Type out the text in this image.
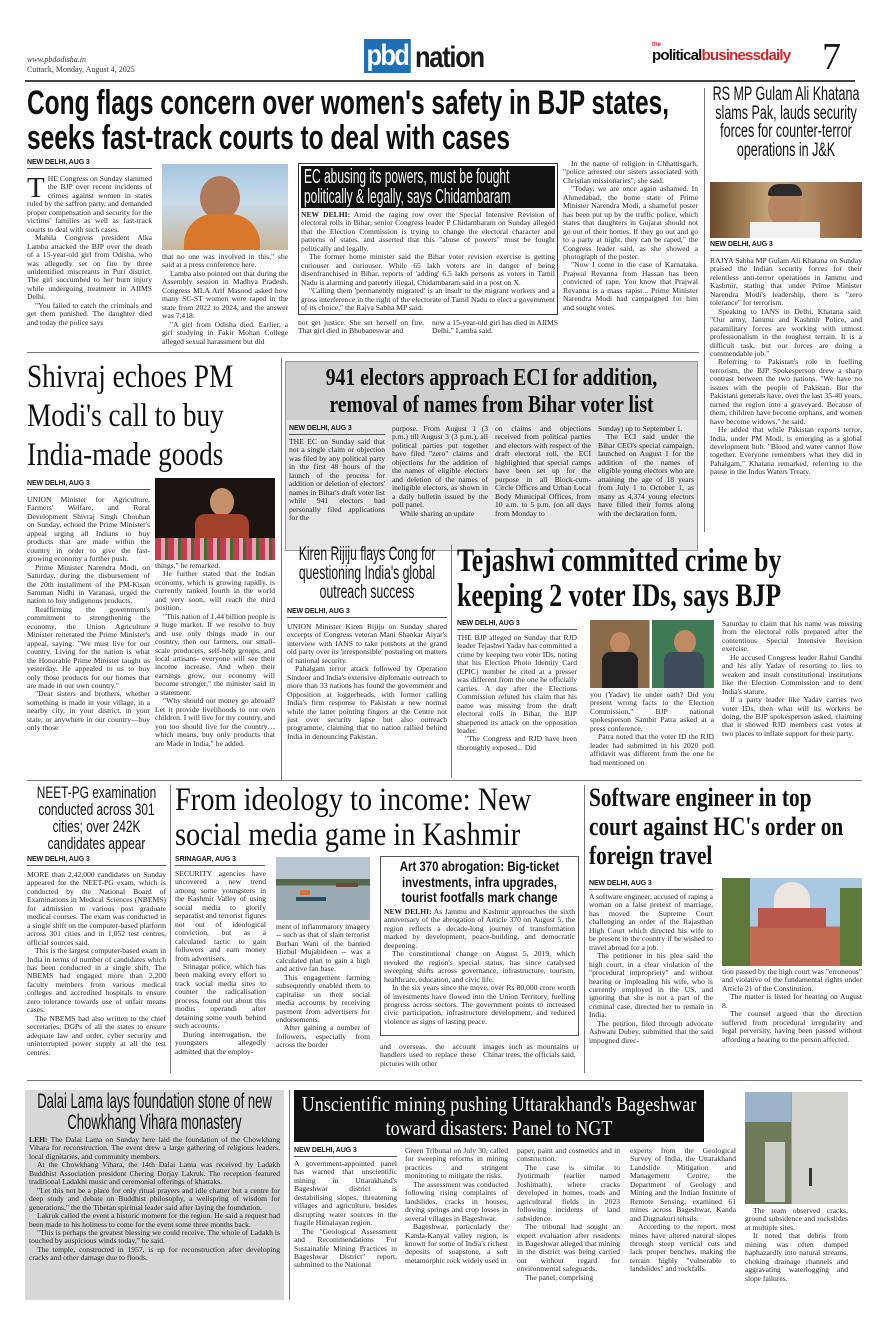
www.pbdodisha.in
Cuttack, Monday, August 4, 2025	pbd nation	the
politicalbusinessdaily 7
Cong flags concern over women's safety in BJP states, seeks fast-track courts to deal with cases
NEW DELHI, AUG 3

THE Congress on Sunday slammed the BJP over recent incidents of crimes against women in states ruled by the saffron party, and demanded proper compensation and security for the victims' families as well as fast-track courts to deal with such cases.

Mahila Congress president Alka Lamba attacked the BJP over the death of a 15-year-old girl from Odisha, who was allegedly set on fire by three unidentified miscreants in Puri district. The girl succumbed to her burn injury while undergoing treatment in AIIMS Delhi.

"You failed to catch the criminals and get them punished. The daughter died and today the police says

that no one was involved in this," she said at a press conference here.

Lamba also pointed out that during the Assembly session in Madhya Pradesh, Congress MLA Arif Masood asked how many SC-ST women were raped in the state from 2022 to 2024, and the answer was 7,418.

"A girl from Odisha died. Earlier, a girl studying in Fakir Mohan College alleged sexual harassment but did

EC abusing its powers, must be fought politically & legally, says Chidambaram

NEW DELHI: Amid the raging row over the Special Intensive Revision of electoral rolls in Bihar, senior Congress leader P Chidambaram on Sunday alleged that the Election Commission is trying to change the electoral character and patterns of states, and asserted that this "abuse of powers" must be fought politically and legally.

The former home minister said the Bihar voter revision exercise is getting curiouser and curiouser. While 65 lakh voters are in danger of being disenfranchised in Bihar, reports of 'adding' 6.5 lakh persons as voters in Tamil Nadu is alarming and patently illegal, Chidambaram said in a post on X.

"Calling them 'permanently migrated' is an insult to the migrant workers and a gross interference in the right of the electorate of Tamil Nadu to elect a government of its choice," the Rajya Sabha MP said.

not get justice. She set herself on fire. That girl died in Bhubaneswar and

now a 15-year-old girl has died in AIIMS Delhi," Lamba said.

In the name of religion in Chhattisgarh, "police arrested our sisters associated with Christian missionaries", she said.

"Today, we are once again ashamed. In Ahmedabad, the home state of Prime Minister Narendra Modi, a shameful poster has been put up by the traffic police, which states that daughters in Gujarat should not go out of their homes. If they go out and go to a party at night, they can be raped," the Congress leader said, as she showed a photograph of the poster.

"Now I come to the case of Karnataka. Prajwal Revanna from Hassan has been convicted of rape. You know that Prajwal Revanna is a mass rapist... Prime Minister Narendra Modi had campaigned for him and sought votes.

RS MP Gulam Ali Khatana slams Pak, lauds security forces for counter-terror operations in J&K
NEW DELHI, AUG 3

RAJYA Sabha MP Gulam Ali Khatana on Sunday praised the Indian security forces for their relentless anti-terror operations in Jammu and Kashmir, stating that under Prime Minister Narendra Modi's leadership, there is "zero tolerance" for terrorism.

Speaking to IANS in Delhi, Khatana said: "Our army, Jammu and Kashmir Police, and paramilitary forces are working with utmost professionalism in the toughest terrain. It is a difficult task, but our forces are doing a commendable job."

Referring to Pakistan's role in fuelling terrorism, the BJP Spokesperson drew a sharp contrast between the two nations. "We have no issues with the people of Pakistan. But the Pakistani generals have, over the last 35-40 years, turned the region into a graveyard. Because of them, children have become orphans, and women have become widows," he said.

He added that while Pakistan exports terror, India, under PM Modi, is emerging as a global development hub. "Blood and water cannot flow together. Everyone remembers what they did in Pahalgam," Khatana remarked, referring to the pause in the Indus Waters Treaty.

Shivraj echoes PM Modi's call to buy India-made goods
NEW DELHI, AUG 3

UNION Minister for Agriculture, Farmers' Welfare, and Rural Development Shivraj Singh Chouhan on Sunday, echoed the Prime Minister's appeal urging all Indians to buy products that are made within the country in order to give the fast-growing economy a further push.

Prime Minister Narendra Modi, on Saturday, during the disbursement of the 20th installment of the PM-Kisan Samman Nidhi in Varanasi, urged the nation to buy indigenous products.

Reaffirming the government's commitment to strengthening the economy, the Union Agriculture Minister reiterated the Prime Minister's appeal, saying: "We must live for our country. Living for the nation is what the Honorable Prime Minister taught us yesterday. He appealed to us to buy only those products for our homes that are made in our own country."

"Dear sisters and brothers, whether something is made in your village, in a nearby city, in your district, in your state, or anywhere in our country—buy only those

things," he remarked.

He further stated that the Indian economy, which is growing rapidly, is currently ranked fourth in the world and very soon, will reach the third position.

"This nation of 1.44 billion people is a huge market. If we resolve to buy and use only things made in our country, then our farmers, our small-scale producers, self-help groups, and local artisans- everyone will see their income increase. And when their earnings grow, our economy will become stronger," the minister said in a statement.

"Why should our money go abroad? Let it provide livelihoods to our own children. I will live for my country, and you too should live for the country…which means, buy only products that are Made in India," he added.

941 electors approach ECI for addition, removal of names from Bihar voter list
NEW DELHI, AUG 3

THE EC on Sunday said that not a single claim or objection was filed by any political party in the first 48 hours of the launch of the process for addition or deletion of electors' names in Bihar's draft voter list while 941 electors had personally filed applications for the

purpose. From August 1 (3 p.m.) till August 3 (3 p.m.), all political parties put together have filed "zero" claims and objections for the addition of the names of eligible electors and deletion of the names of ineligible electors, as shown in a daily bulletin issued by the poll panel.

While sharing an update

on claims and objections received from political parties and electors with respect of the draft electoral roll, the ECI highlighted that special camps have been set up for the purpose in all Block-cum-Circle Offices and Urban Local Body Municipal Offices, from 10 a.m. to 5 p.m. (on all days from Monday to

Sunday) up to September 1.

The ECI said under the Bihar CEO's special campaign, launched on August 1 for the addition of the names of eligible young electors who are attaining the age of 18 years from July 1 to October 1, as many as 4,374 young electors have filled their forms along with the declaration form.

Kiren Rijiju flays Cong for questioning India's global outreach success
NEW DELHI, AUG 3

UNION Minister Kiren Rijiju on Sunday shared excerpts of Congress veteran Mani Shankar Aiyar's interview with IANS to take potshots at the grand old party over its 'irresponsible' posturing on matters of national security.

Pahalgam terror attack followed by Operation Sindoor and India's extensive diplomatic outreach to more than 33 nations has found the government and Opposition at loggerheads, with former calling India's firm response to Pakistan a new normal while the latter pointing fingers at the Centre not just over security lapse but also outreach programme, claiming that no nation rallied behind India in denouncing Pakistan.

Tejashwi committed crime by keeping 2 voter IDs, says BJP
NEW DELHI, AUG 3

THE BJP alleged on Sunday that RJD leader Tejashwi Yadav has committed a crime by keeping two voter IDs, noting that his Election Photo Identity Card (EPIC) number he cited at a presser was different from the one he officially carries. A day after the Elections Commission refuted his claim that his name was missing from the draft electoral rolls in Bihar, the BJP sharpened its attack on the opposition leader.

"The Congress and RJD have been thoroughly exposed... Did

you (Yadav) lie under oath? Did you present wrong facts to the Election Commission," BJP national spokesperson Sambit Patra asked at a press conference.

Patra noted that the voter ID the RJD leader had submitted in his 2020 poll affidavit was different from the one he had mentioned on

Saturday to claim that his name was missing from the electoral rolls prepared after the contentious Special Intensive Revision exercise.

He accused Congress leader Rahul Gandhi and his ally Yadav of resorting to lies to weaken and insult constitutional institutions like the Election Commission and to dent India's stature.

If a party leader like Yadav carries two voter IDs, then what will its workers be doing, the BJP spokesperson asked, claiming that it showed RJD members cast votes at two places to inflate support for their party.

NEET-PG examination conducted across 301 cities; over 242K candidates appear
NEW DELHI, AUG 3

MORE than 2,42,000 candidates on Sunday appeared for the NEET-PG exam, which is conducted by the National Board of Examinations in Medical Sciences (NBEMS) for admission to various post graduate medical courses. The exam was conducted in a single shift on the computer-based platform across 301 cities and in 1,052 test centres, official sources said.

This is the largest computer-based exam in India in terms of number of candidates which has been conducted in a single shift. The NBEMS had engaged more than 2,200 faculty members from various medical colleges and accredited hospitals to ensure zero tolerance towards use of unfair means cases.

The NBEMS had also written to the chief secretaries, DGPs of all the states to ensure adequate law and order, cyber security and uninterrupted power supply at all the test centres.

From ideology to income: New social media game in Kashmir
SRINAGAR, AUG 3

SECURITY agencies have uncovered a new trend among some youngsters in the Kashmir Valley of using social media to glorify separatist and terrorist figures not out of ideological conviction, but as a calculated tactic to gain followers and earn money from advertisers.

Srinagar police, which has been making every effort to track social media sites to counter the radicalisation process, found out about this modus operandi after detaining some youth behind such accounts.

During interrogation, the youngsters allegedly admitted that the employ-

ment of inflammatory imagery -- such as that of slain terrorist Burhan Wani of the banned Hizbul Mujahideen -- was a calculated plan to gain a high and active fan base.

This engagement farming subsequently enabled them to capitalise on their social media accounts by receiving payment from advertisers for endorsements.

After gaining a number of followers, especially from across the border

Art 370 abrogation: Big-ticket investments, infra upgrades, tourist footfalls mark change

NEW DELHI: As Jammu and Kashmir approaches the sixth anniversary of the abrogation of Article 370 on August 5, the region reflects a decade-long journey of transformation marked by development, peace-building, and democratic deepening.

The constitutional change on August 5, 2019, which revoked the region's special status, has since catalysed sweeping shifts across governance, infrastructure, tourism, healthcare, education, and civic life.

In the six years since the move, over Rs 80,000 crore worth of investments have flowed into the Union Territory, fuelling progress across sectors. The government points to increased civic participation, infrastructure development, and reduced violence as signs of lasting peace.

and overseas, the account handlers used to replace these pictures with other

images such as mountains or Chinar trees, the officials said.

Software engineer in top court against HC's order on foreign travel
NEW DELHI, AUG 3

A software engineer, accused of raping a woman on a false pretext of marriage, has moved the Supreme Court challenging an order of the Rajasthan High Court which directed his wife to be present in the country if he wished to travel abroad for a job.

The petitioner in his plea said the high court, in a clear violation of the "procedural impropriety" and without hearing or impleading his wife, who is currently employed in the US, and ignoring that she is not a part of the criminal case, directed her to remain in India.

The petition, filed through advocate Ashwani Dubey, submitted that the said impugned direc-

tion passed by the high court was "erroneous" and violative of the fundamental rights under Article 21 of the Constitution.

The matter is listed for hearing on August 8.

The counsel argued that the direction suffered from procedural irregularity and legal perversity, having been passed without affording a hearing to the person affected.

Dalai Lama lays foundation stone of new Chowkhang Vihara monastery

LEH: The Dalai Lama on Sunday here laid the foundation of the Chowkhang Vihara for reconstruction. The event drew a large gathering of religious leaders, local dignitaries, and community members.

At the Chowkhang Vihara, the 14th Dalai Lama was received by Ladakh Buddhist Association president Chering Dorjay Lakruk. The reception featured traditional Ladakhi music and ceremonial offerings of khattaks.

"Let this not be a place for only ritual prayers and idle chatter but a centre for deep study and debate on Buddhist philosophy, a wellspring of wisdom for generations," the the Tibetan spiritual leader said after laying the foundation.

Lakruk called the event a historic moment for the region. He said a request had been made to his holiness to come for the event some three months back.

"This is perhaps the greatest blessing we could receive. The whole of Ladakh is touched by auspicious winds today," he said.

The temple, constructed in 1957, is up for reconstruction after developing cracks and other damage due to floods.

Unscientific mining pushing Uttarakhand's Bageshwar toward disasters: Panel to NGT
NEW DELHI, AUG 3

A government-appointed panel has warned that unscientific mining in Uttarakhand's Bageshwar district is destabilising slopes, threatening villages and agriculture, besides disrupting water sources in the fragile Himalayan region.

The "Geological Assessment and Recommendations For Sustainable Mining Practices in Bageshwar District" report, submitted to the National

Green Tribunal on July 30, called for sweeping reforms in mining practices and stringent monitoring to mitigate the risks.

The assessment was conducted following rising complaints of landslides, cracks in houses, drying springs and crop losses in several villages in Bageshwar.

Bageshwar, particularly the Kanda-Kanyal valley region, is known for some of India's richest deposits of soapstone, a soft metamorphic rock widely used in

paper, paint and cosmetics and in construction.

The case is similar to Jyotirmath (earlier named Joshimath), where cracks developed in homes, roads and agricultural fields in 2023 following incidents of land subsidence.

The tribunal had sought an expert evaluation after residents in Bageshwar alleged that mining in the district was being carried out without regard for environmental safeguards.

The panel, comprising

experts from the Geological Survey of India, the Uttarakhand Landslide Mitigation and Management Centre, the Department of Geology and Mining and the Indian Institute of Remote Sensing, examined 61 mines across Bageshwar, Kanda and Dugnakuri tehsils.

According to the report, most mines have altered natural slopes through steep vertical cuts and lack proper benches, making the terrain highly "vulnerable to landslides" and rockfalls.

The team observed cracks, ground subsidence and rockslides at multiple sites.

It noted that debris from mining was often dumped haphazardly into natural streams, choking drainage channels and aggravating waterlogging and slope failures.
